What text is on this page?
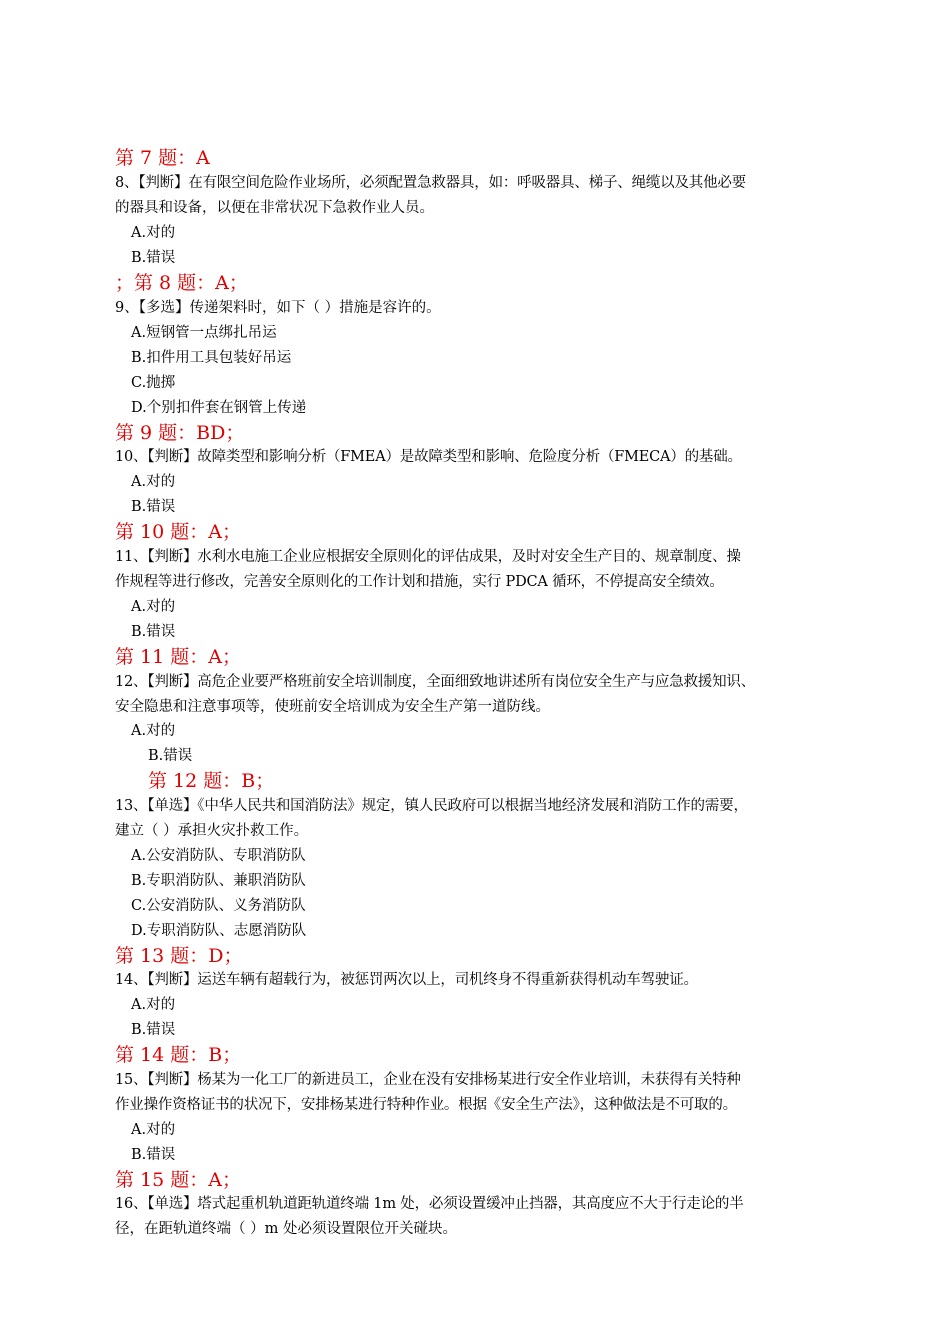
第 7 题：A
8、【判断】在有限空间危险作业场所，必须配置急救器具，如：呼吸器具、梯子、绳缆以及其他必要
的器具和设备，以便在非常状况下急救作业人员。
A.对的
B.错误
；第 8 题：A；
9、【多选】传递架料时，如下（ ）措施是容许的。
A.短钢管一点绑扎吊运
B.扣件用工具包装好吊运
C.抛掷
D.个别扣件套在钢管上传递
第 9 题：BD；
10、【判断】故障类型和影响分析（FMEA）是故障类型和影响、危险度分析（FMECA）的基础。
A.对的
B.错误
第 10 题：A；
11、【判断】水利水电施工企业应根据安全原则化的评估成果，及时对安全生产目的、规章制度、操
作规程等进行修改，完善安全原则化的工作计划和措施，实行 PDCA 循环，不停提高安全绩效。
A.对的
B.错误
第 11 题：A；
12、【判断】高危企业要严格班前安全培训制度，全面细致地讲述所有岗位安全生产与应急救援知识、
安全隐患和注意事项等，使班前安全培训成为安全生产第一道防线。
A.对的
B.错误
第 12 题：B；
13、【单选】《中华人民共和国消防法》规定，镇人民政府可以根据当地经济发展和消防工作的需要，
建立（ ）承担火灾扑救工作。
A.公安消防队、专职消防队
B.专职消防队、兼职消防队
C.公安消防队、义务消防队
D.专职消防队、志愿消防队
第 13 题：D；
14、【判断】运送车辆有超载行为，被惩罚两次以上，司机终身不得重新获得机动车驾驶证。
A.对的
B.错误
第 14 题：B；
15、【判断】杨某为一化工厂的新进员工，企业在没有安排杨某进行安全作业培训，未获得有关特种
作业操作资格证书的状况下，安排杨某进行特种作业。根据《安全生产法》，这种做法是不可取的。
A.对的
B.错误
第 15 题：A；
16、【单选】塔式起重机轨道距轨道终端 1m 处，必须设置缓冲止挡器，其高度应不大于行走论的半
径，在距轨道终端（ ）m 处必须设置限位开关碰块。
